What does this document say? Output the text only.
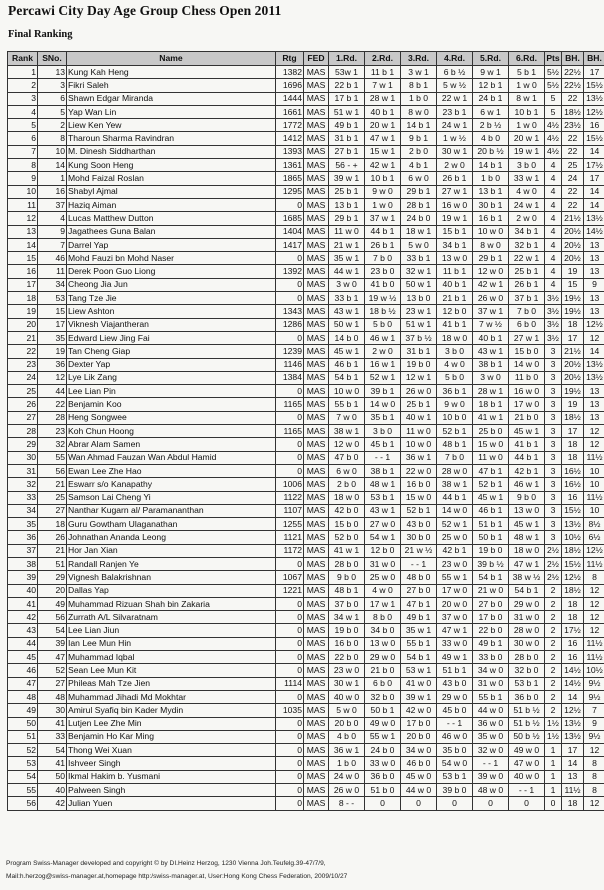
Percawi City Day Age Group Chess Open 2011
Final Ranking
Rank	SNo.	Name	Rtg	FED	1.Rd.	2.Rd.	3.Rd.	4.Rd.	5.Rd.	6.Rd.	Pts	BH.	BH.
1	13	Kung Kah Heng	1382	MAS	53w 1	11 b 1	3 w 1	6 b ½	9 w 1	5 b 1	5½	22½	17
2	3	Fikri Saleh	1696	MAS	22 b 1	7 w 1	8 b 1	5 w ½	12 b 1	1 w 0	5½	22½	15½
3	6	Shawn Edgar Miranda	1444	MAS	17 b 1	28 w 1	1 b 0	22 w 1	24 b 1	8 w 1	5	22	13½
4	5	Yap Wan Lin	1661	MAS	51 w 1	40 b 1	8 w 0	23 b 1	6 w 1	10 b 1	5	18½	12½
5	2	Liew Ken Yew	1772	MAS	49 b 1	20 w 1	14 b 1	24 w 1	2 b ½	1 w 0	4½	23½	16
6	8	Tharoun Sharma Ravindran	1412	MAS	31 b 1	47 w 1	9 b 1	1 w ½	4 b 0	20 w 1	4½	22	15½
7	10	M. Dinesh Siddharthan	1393	MAS	27 b 1	15 w 1	2 b 0	30 w 1	20 b ½	19 w 1	4½	22	14
8	14	Kung Soon Heng	1361	MAS	56 - +	42 w 1	4 b 1	2 w 0	14 b 1	3 b 0	4	25	17½
9	1	Mohd Faizal Roslan	1865	MAS	39 w 1	10 b 1	6 w 0	26 b 1	1 b 0	33 w 1	4	24	17
10	16	Shabyl Ajmal	1295	MAS	25 b 1	9 w 0	29 b 1	27 w 1	13 b 1	4 w 0	4	22	14
11	37	Haziq Aiman	0	MAS	13 b 1	1 w 0	28 b 1	16 w 0	30 b 1	24 w 1	4	22	14
12	4	Lucas Matthew Dutton	1685	MAS	29 b 1	37 w 1	24 b 0	19 w 1	16 b 1	2 w 0	4	21½	13½
13	9	Jagathees Guna Balan	1404	MAS	11 w 0	44 b 1	18 w 1	15 b 1	10 w 0	34 b 1	4	20½	14½
14	7	Darrel Yap	1417	MAS	21 w 1	26 b 1	5 w 0	34 b 1	8 w 0	32 b 1	4	20½	13
15	46	Mohd Fauzi bn Mohd Naser	0	MAS	35 w 1	7 b 0	33 b 1	13 w 0	29 b 1	22 w 1	4	20½	13
16	11	Derek Poon Guo Liong	1392	MAS	44 w 1	23 b 0	32 w 1	11 b 1	12 w 0	25 b 1	4	19	13
17	34	Cheong Jia Jun	0	MAS	3 w 0	41 b 0	50 w 1	40 b 1	42 w 1	26 b 1	4	15	9
18	53	Tang Tze Jie	0	MAS	33 b 1	19 w ½	13 b 0	21 b 1	26 w 0	37 b 1	3½	19½	13
19	15	Liew Ashton	1343	MAS	43 w 1	18 b ½	23 w 1	12 b 0	37 w 1	7 b 0	3½	19½	13
20	17	Viknesh Viajantheran	1286	MAS	50 w 1	5 b 0	51 w 1	41 b 1	7 w ½	6 b 0	3½	18	12½
21	35	Edward Liew Jing Fai	0	MAS	14 b 0	46 w 1	37 b ½	18 w 0	40 b 1	27 w 1	3½	17	12
22	19	Tan Cheng Giap	1239	MAS	45 w 1	2 w 0	31 b 1	3 b 0	43 w 1	15 b 0	3	21½	14
23	36	Dexter Yap	1146	MAS	46 b 1	16 w 1	19 b 0	4 w 0	38 b 1	14 w 0	3	20½	13½
24	12	Lye Lik Zang	1384	MAS	54 b 1	52 w 1	12 w 1	5 b 0	3 w 0	11 b 0	3	20½	13½
25	44	Lee Lian Pin	0	MAS	10 w 0	39 b 1	26 w 0	36 b 1	28 w 1	16 w 0	3	19½	13
26	22	Benjamin Koo	1165	MAS	55 b 1	14 w 0	25 b 1	9 w 0	18 b 1	17 w 0	3	19	13
27	28	Heng Songwee	0	MAS	7 w 0	35 b 1	40 w 1	10 b 0	41 w 1	21 b 0	3	18½	13
28	23	Koh Chun Hoong	1165	MAS	38 w 1	3 b 0	11 w 0	52 b 1	25 b 0	45 w 1	3	17	12
29	32	Abrar Alam Samen	0	MAS	12 w 0	45 b 1	10 w 0	48 b 1	15 w 0	41 b 1	3	18	12
30	55	Wan Ahmad Fauzan Wan Abdul Hamid	0	MAS	47 b 0	- - 1	36 w 1	7 b 0	11 w 0	44 b 1	3	18	11½
31	56	Ewan Lee Zhe Hao	0	MAS	6 w 0	38 b 1	22 w 0	28 w 0	47 b 1	42 b 1	3	16½	10
32	21	Eswarr s/o Kanapathy	1006	MAS	2 b 0	48 w 1	16 b 0	38 w 1	52 b 1	46 w 1	3	16½	10
33	25	Samson Lai Cheng Yi	1122	MAS	18 w 0	53 b 1	15 w 0	44 b 1	45 w 1	9 b 0	3	16	11½
34	27	Nanthar Kugarn al/ Paramananthan	1107	MAS	42 b 0	43 w 1	52 b 1	14 w 0	46 b 1	13 w 0	3	15½	10
35	18	Guru Gowtham Ulaganathan	1255	MAS	15 b 0	27 w 0	43 b 0	52 w 1	51 b 1	45 w 1	3	13½	8½
36	26	Johnathan Ananda Leong	1121	MAS	52 b 0	54 w 1	30 b 0	25 w 0	50 b 1	48 w 1	3	10½	6½
37	21	Hor Jan Xian	1172	MAS	41 w 1	12 b 0	21 w ½	42 b 1	19 b 0	18 w 0	2½	18½	12½
38	51	Randall Ranjen Ye	0	MAS	28 b 0	31 w 0	- - 1	23 w 0	39 b ½	47 w 1	2½	15½	11½
39	29	Vignesh Balakrishnan	1067	MAS	9 b 0	25 w 0	48 b 0	55 w 1	54 b 1	38 w ½	2½	12½	8
40	20	Dallas Yap	1221	MAS	48 b 1	4 w 0	27 b 0	17 w 0	21 w 0	54 b 1	2	18½	12
41	49	Muhammad Rizuan Shah bin Zakaria	0	MAS	37 b 0	17 w 1	47 b 1	20 w 0	27 b 0	29 w 0	2	18	12
42	56	Zurrath A/L Silvaratnam	0	MAS	34 w 1	8 b 0	49 b 1	37 w 0	17 b 0	31 w 0	2	18	12
43	54	Lee Lian Jiun	0	MAS	19 b 0	34 b 0	35 w 1	47 w 1	22 b 0	28 w 0	2	17½	12
44	39	Ian Lee Mun Hin	0	MAS	16 b 0	13 w 0	55 b 1	33 w 0	49 b 1	30 w 0	2	16	11½
45	47	Muhammad Iqbal	0	MAS	22 b 0	29 w 0	54 b 1	49 w 1	33 b 0	28 b 0	2	16	11½
46	52	Sean Lee Mun Kit	0	MAS	23 w 0	21 b 0	53 w 1	51 b 1	34 w 0	32 b 0	2	14½	10½
47	27	Phileas Mah Tze Jien	1114	MAS	30 w 1	6 b 0	41 w 0	43 b 0	31 w 0	53 b 1	2	14½	9½
48	48	Muhammad Jihadi Md Mokhtar	0	MAS	40 w 0	32 b 0	39 w 1	29 w 0	55 b 1	36 b 0	2	14	9½
49	30	Amirul Syafiq bin Kader Mydin	1035	MAS	5 w 0	50 b 1	42 w 0	45 b 0	44 w 0	51 b ½	2	12½	7
50	41	Lutjen Lee Zhe Min	0	MAS	20 b 0	49 w 0	17 b 0	- - 1	36 w 0	51 b ½	1½	13½	9
51	33	Benjamin Ho Kar Ming	0	MAS	4 b 0	55 w 1	20 b 0	46 w 0	35 w 0	50 b ½	1½	13½	9½
52	54	Thong Wei Xuan	0	MAS	36 w 1	24 b 0	34 w 0	35 b 0	32 w 0	49 w 0	1	17	12
53	41	Ishveer Singh	0	MAS	1 b 0	33 w 0	46 b 0	54 w 0	- - 1	47 w 0	1	14	8
54	50	Ikmal Hakim b. Yusmani	0	MAS	24 w 0	36 b 0	45 w 0	53 b 1	39 w 0	40 w 0	1	13	8
55	40	Palween Singh	0	MAS	26 w 0	51 b 0	44 w 0	39 b 0	48 w 0	- - 1	1	11½	8
56	42	Julian Yuen	0	MAS	8 - -	0	0	0	0	0	0	18	12
Program Swiss-Manager developed and copyright © by DI.Heinz Herzog, 1230 Vienna Joh.Teufelg.39-47/7/9,
Mail:h.herzog@swiss-manager.at,homepage http:/swiss-manager.at, User:Hong Kong Chess Federation, 2009/10/27
